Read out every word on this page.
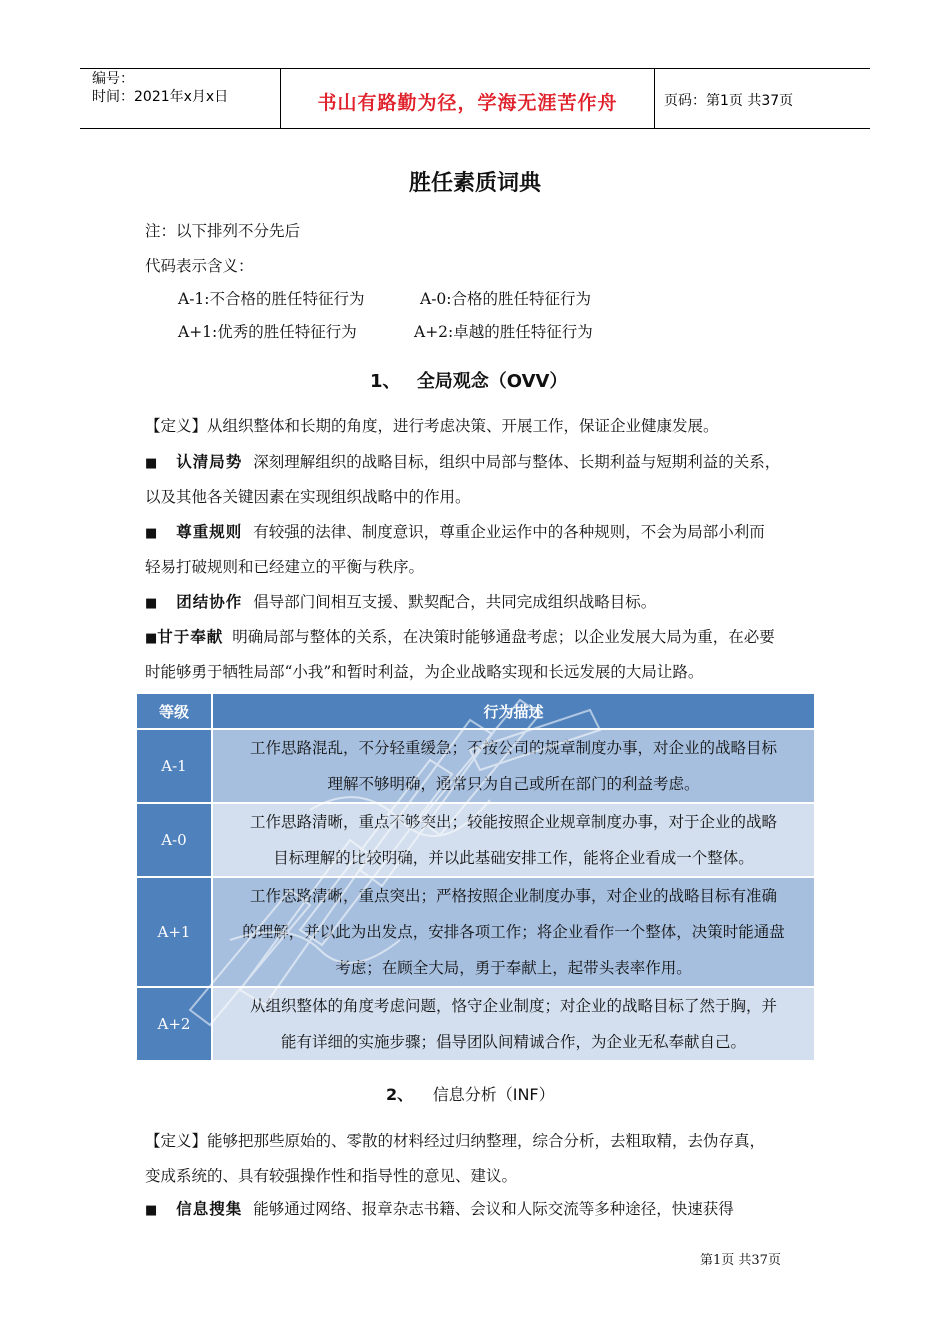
编号：
时间：2021年x月x日	书山有路勤为径，学海无涯苦作舟	页码：第1页 共37页
胜任素质词典
注：以下排列不分先后
代码表示含义：
A-1:不合格的胜任特征行为	A-0:合格的胜任特征行为
A+1:优秀的胜任特征行为	A+2:卓越的胜任特征行为
1、 全局观念（OVV）
【定义】从组织整体和长期的角度，进行考虑决策、开展工作，保证企业健康发展。
■ 认清局势 深刻理解组织的战略目标，组织中局部与整体、长期利益与短期利益的关系，
以及其他各关键因素在实现组织战略中的作用。
■ 尊重规则 有较强的法律、制度意识，尊重企业运作中的各种规则，不会为局部小利而
轻易打破规则和已经建立的平衡与秩序。
■ 团结协作 倡导部门间相互支援、默契配合，共同完成组织战略目标。
■甘于奉献 明确局部与整体的关系，在决策时能够通盘考虑；以企业发展大局为重，在必要
时能够勇于牺牲局部“小我”和暂时利益，为企业战略实现和长远发展的大局让路。
等级	行为描述
A-1	工作思路混乱，不分轻重缓急；不按公司的规章制度办事，对企业的战略目标
理解不够明确，通常只为自己或所在部门的利益考虑。

A-0	工作思路清晰，重点不够突出；较能按照企业规章制度办事，对于企业的战略
目标理解的比较明确，并以此基础安排工作，能将企业看成一个整体。

A+1	工作思路清晰，重点突出；严格按照企业制度办事，对企业的战略目标有准确
的理解，并以此为出发点，安排各项工作；将企业看作一个整体，决策时能通盘
考虑；在顾全大局，勇于奉献上，起带头表率作用。

A+2	从组织整体的角度考虑问题，恪守企业制度；对企业的战略目标了然于胸，并
能有详细的实施步骤；倡导团队间精诚合作，为企业无私奉献自己。
2、 信息分析（INF）
【定义】能够把那些原始的、零散的材料经过归纳整理，综合分析，去粗取精，去伪存真，
变成系统的、具有较强操作性和指导性的意见、建议。
■ 信息搜集 能够通过网络、报章杂志书籍、会议和人际交流等多种途径，快速获得
第1页 共37页
